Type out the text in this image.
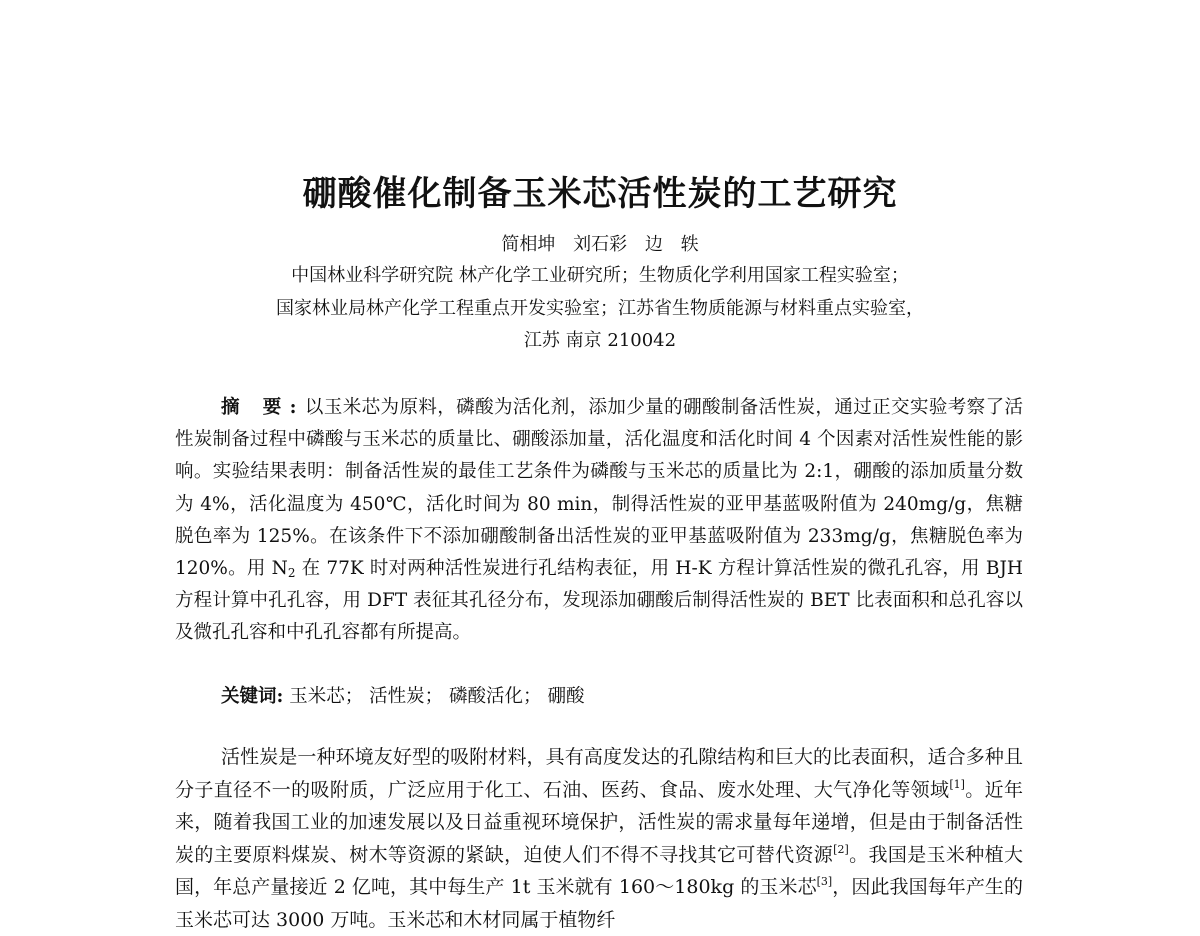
硼酸催化制备玉米芯活性炭的工艺研究
简相坤 刘石彩 边 轶
中国林业科学研究院 林产化学工业研究所；生物质化学利用国家工程实验室；
国家林业局林产化学工程重点开发实验室；江苏省生物质能源与材料重点实验室，
江苏 南京 210042
摘 要:以玉米芯为原料，磷酸为活化剂，添加少量的硼酸制备活性炭，通过正交实验考察了活性炭制备过程中磷酸与玉米芯的质量比、硼酸添加量，活化温度和活化时间 4 个因素对活性炭性能的影响。实验结果表明：制备活性炭的最佳工艺条件为磷酸与玉米芯的质量比为 2:1，硼酸的添加质量分数为 4%，活化温度为 450℃，活化时间为 80 min，制得活性炭的亚甲基蓝吸附值为 240mg/g，焦糖脱色率为 125%。在该条件下不添加硼酸制备出活性炭的亚甲基蓝吸附值为 233mg/g，焦糖脱色率为 120%。用 $N_2$ 在 77K 时对两种活性炭进行孔结构表征，用 H-K 方程计算活性炭的微孔孔容，用 BJH 方程计算中孔孔容，用 DFT 表征其孔径分布，发现添加硼酸后制得活性炭的 BET 比表面积和总孔容以及微孔孔容和中孔孔容都有所提高。
关键词: 玉米芯； 活性炭； 磷酸活化； 硼酸
活性炭是一种环境友好型的吸附材料，具有高度发达的孔隙结构和巨大的比表面积，适合多种且分子直径不一的吸附质，广泛应用于化工、石油、医药、食品、废水处理、大气净化等领域[1]。近年来，随着我国工业的加速发展以及日益重视环境保护，活性炭的需求量每年递增，但是由于制备活性炭的主要原料煤炭、树木等资源的紧缺，迫使人们不得不寻找其它可替代资源[2]。我国是玉米种植大国，年总产量接近 2 亿吨，其中每生产 1t 玉米就有 160～180kg 的玉米芯[3]，因此我国每年产生的玉米芯可达 3000 万吨。玉米芯和木材同属于植物纤
